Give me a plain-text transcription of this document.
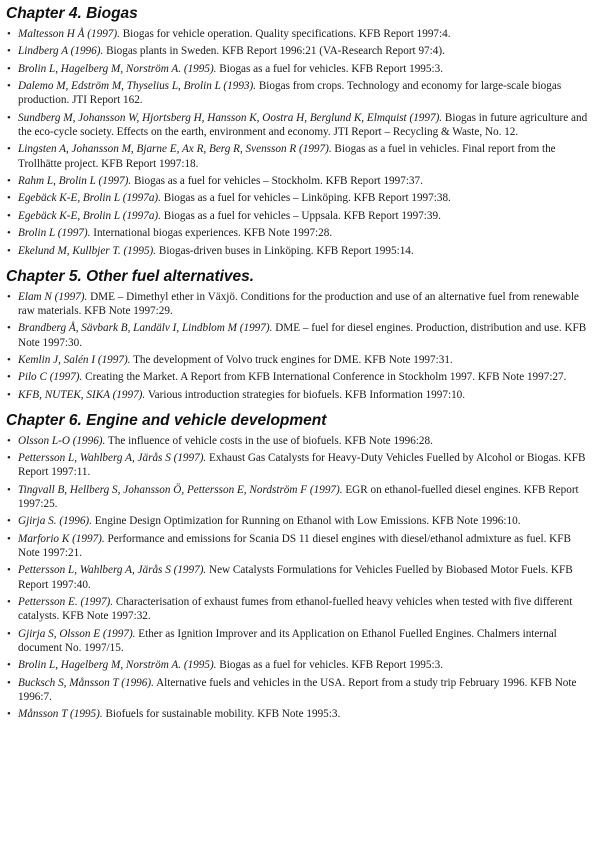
Chapter 4. Biogas
• Maltesson H Å (1997). Biogas for vehicle operation. Quality specifications. KFB Report 1997:4.
• Lindberg A (1996). Biogas plants in Sweden. KFB Report 1996:21 (VA-Research Report 97:4).
• Brolin L, Hagelberg M, Norström A. (1995). Biogas as a fuel for vehicles. KFB Report 1995:3.
• Dalemo M, Edström M, Thyselius L, Brolin L (1993). Biogas from crops. Technology and economy for large-scale biogas production. JTI Report 162.
• Sundberg M, Johansson W, Hjortsberg H, Hansson K, Oostra H, Berglund K, Elmquist (1997). Biogas in future agriculture and the eco-cycle society. Effects on the earth, environment and economy. JTI Report – Recycling & Waste, No. 12.
• Lingsten A, Johansson M, Bjarne E, Ax R, Berg R, Svensson R (1997). Biogas as a fuel in vehicles. Final report from the Trollhätte project. KFB Report 1997:18.
• Rahm L, Brolin L (1997). Biogas as a fuel for vehicles – Stockholm. KFB Report 1997:37.
• Egebäck K-E, Brolin L (1997a). Biogas as a fuel for vehicles – Linköping. KFB Report 1997:38.
• Egebäck K-E, Brolin L (1997a). Biogas as a fuel for vehicles – Uppsala. KFB Report 1997:39.
• Brolin L (1997). International biogas experiences. KFB Note 1997:28.
• Ekelund M, Kullbjer T. (1995). Biogas-driven buses in Linköping. KFB Report 1995:14.
Chapter 5. Other fuel alternatives.
• Elam N (1997). DME – Dimethyl ether in Växjö. Conditions for the production and use of an alternative fuel from renewable raw materials. KFB Note 1997:29.
• Brandberg Å, Sävbark B, Landälv I, Lindblom M (1997). DME – fuel for diesel engines. Production, distribution and use. KFB Note 1997:30.
• Kemlin J, Salén I (1997). The development of Volvo truck engines for DME. KFB Note 1997:31.
• Pilo C (1997). Creating the Market. A Report from KFB International Conference in Stockholm 1997. KFB Note 1997:27.
• KFB, NUTEK, SIKA (1997). Various introduction strategies for biofuels. KFB Information 1997:10.
Chapter 6. Engine and vehicle development
• Olsson L-O (1996). The influence of vehicle costs in the use of biofuels. KFB Note 1996:28.
• Pettersson L, Wahlberg A, Järås S (1997). Exhaust Gas Catalysts for Heavy-Duty Vehicles Fuelled by Alcohol or Biogas. KFB Report 1997:11.
• Tingvall B, Hellberg S, Johansson Ö, Pettersson E, Nordström F (1997). EGR on ethanol-fuelled diesel engines. KFB Report 1997:25.
• Gjirja S. (1996). Engine Design Optimization for Running on Ethanol with Low Emissions. KFB Note 1996:10.
• Marforio K (1997). Performance and emissions for Scania DS 11 diesel engines with diesel/ethanol admixture as fuel. KFB Note 1997:21.
• Pettersson L, Wahlberg A, Järås S (1997). New Catalysts Formulations for Vehicles Fuelled by Biobased Motor Fuels. KFB Report 1997:40.
• Pettersson E. (1997). Characterisation of exhaust fumes from ethanol-fuelled heavy vehicles when tested with five different catalysts. KFB Note 1997:32.
• Gjirja S, Olsson E (1997). Ether as Ignition Improver and its Application on Ethanol Fuelled Engines. Chalmers internal document No. 1997/15.
• Brolin L, Hagelberg M, Norström A. (1995). Biogas as a fuel for vehicles. KFB Report 1995:3.
• Bucksch S, Månsson T (1996). Alternative fuels and vehicles in the USA. Report from a study trip February 1996. KFB Note 1996:7.
• Månsson T (1995). Biofuels for sustainable mobility. KFB Note 1995:3.
